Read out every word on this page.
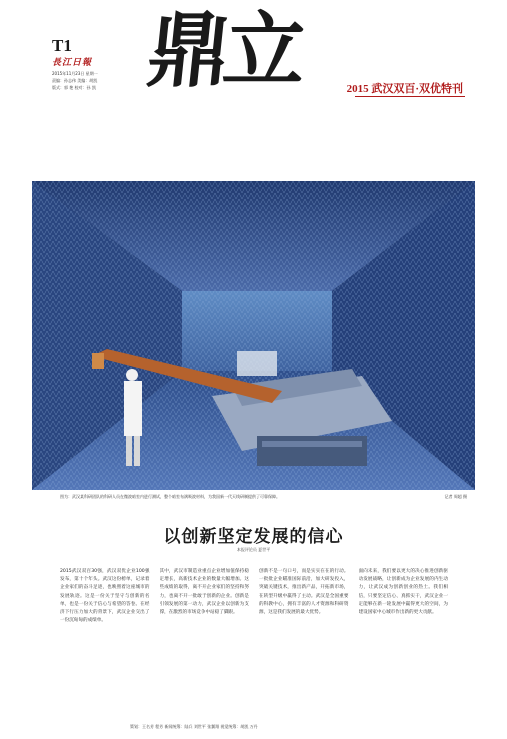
T1
長江日報
2015年11月23日 星期一
责编：孙志伟 美编：胡凯
版式：郭 艳 校对：孙 凯 鼎立	2015 武汉双百·双优特刊
图为：武汉某科研团队的科研人员在微波暗室内进行测试，整个暗室布满吸波材料，为我国新一代天线研制提供了可靠保障。	记者 周超 摄
以创新坚定发展的信心
本报评论员 夏世平
2015武汉双百30强，武汉双优企业100强发布，第十个年头。武汉这份榜单，记录着企业家们的奋斗足迹，也映照着这座城市的发展轨迹。这是一份关于坚守与创新的名单，也是一份关于信心与希望的答卷。在经济下行压力加大的背景下，武汉企业交出了一份沉甸甸的成绩单。
其中，武汉市制造业重点企业增加值保持稳定增长，高新技术企业的数量大幅增加。这些成绩的取得，离不开企业家们的坚持和努力，也离不开一批敢于创新的企业。创新是引领发展的第一动力，武汉企业以创新为支撑，在激烈的市场竞争中站稳了脚跟。
创新不是一句口号，而是实实在在的行动。一批批企业瞄准国际前沿，加大研发投入，突破关键技术，推出新产品，开拓新市场，在转型升级中赢得了主动。武汉是全国重要的科教中心，拥有丰富的人才资源和科研资源，这是我们发展的最大优势。
面向未来，我们要以更大的决心推进创新驱动发展战略，让创新成为企业发展的内生动力，让武汉成为创新创业的热土。我们相信，只要坚定信心、真抓实干，武汉企业一定能够在新一轮发展中赢得更大的空间，为建设国家中心城市作出新的更大贡献。
策划：王名芳 程芳 新闻统筹：陆兵 刘世平 张翼翔 视觉统筹：胡凯 万丹
